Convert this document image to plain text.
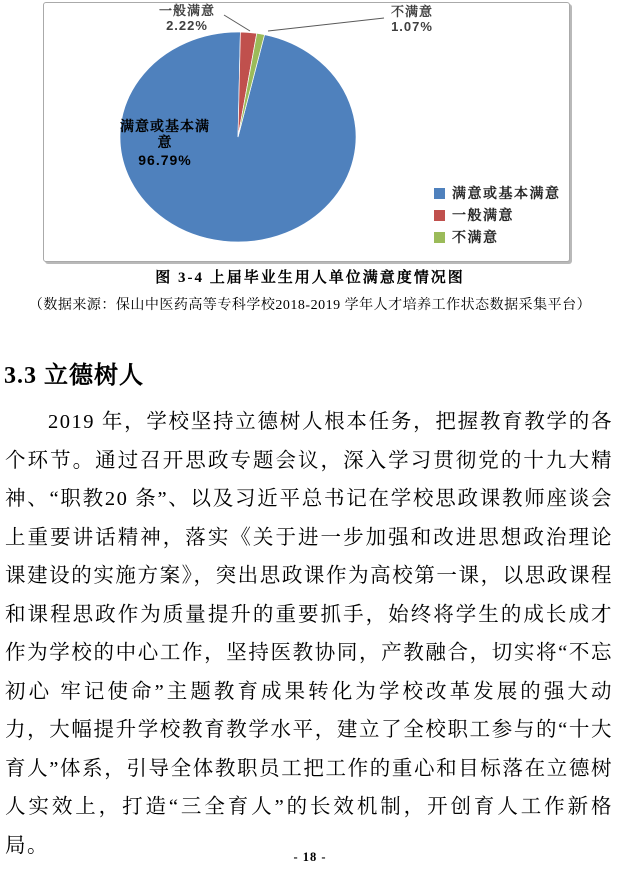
一般满意
2.22%
不满意
1.07%
满意或基本满意
96.79%
满意或基本满意
一般满意
不满意
图 3-4 上届毕业生用人单位满意度情况图
（数据来源：保山中医药高等专科学校2018-2019 学年人才培养工作状态数据采集平台）
3.3 立德树人

2019 年，学校坚持立德树人根本任务，把握教育教学的各个环节。通过召开思政专题会议，深入学习贯彻党的十九大精神、“职教20 条”、以及习近平总书记在学校思政课教师座谈会上重要讲话精神，落实《关于进一步加强和改进思想政治理论课建设的实施方案》，突出思政课作为高校第一课，以思政课程和课程思政作为质量提升的重要抓手，始终将学生的成长成才作为学校的中心工作，坚持医教协同，产教融合，切实将“不忘初心 牢记使命”主题教育成果转化为学校改革发展的强大动力，大幅提升学校教育教学水平，建立了全校职工参与的“十大育人”体系，引导全体教职员工把工作的重心和目标落在立德树人实效上，打造“三全育人”的长效机制，开创育人工作新格局。

- 18 -
